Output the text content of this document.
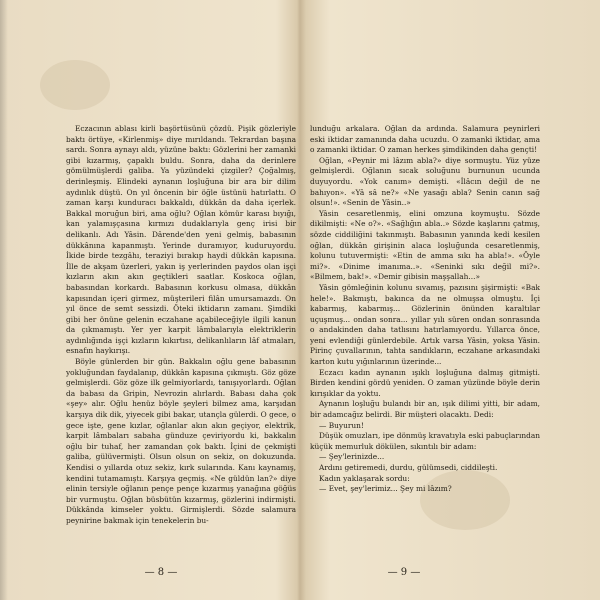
Eczacının ablası kirli başörtüsünü çözdü. Pişik gözleriyle baktı örtüye, «Kirlenmiş» diye mırıldandı. Tekrardan başına sardı. Sonra aynayı aldı, yüzüne baktı: Gözlerini her zamanki gibi kızarmış, çapaklı buldu. Sonra, daha da derinlere gömülmüşlerdi galiba. Ya yüzündeki çizgiler? Çoğalmış, derinleşmiş. Elindeki aynanın loşluğuna bir ara bir dilim aydınlık düştü. On yıl öncenin bir öğle üstünü hatırlattı. O zaman karşı kunduracı bakkaldı, dükkân da daha içerlek. Bakkal moruğun biri, ama oğlu? Oğlan kömür karası bıyığı, kan yalamışçasına kırmızı dudaklarıyla genç irisi bir delikanlı. Adı Yâsin. Dârende'den yeni gelmiş, babasının dükkânına kapanmıştı. Yerinde duramıyor, kuduruyordu. İkide birde tezgâhı, teraziyi bırakıp haydi dükkân kapısına. İlle de akşam üzerleri, yakın iş yerlerinden paydos olan işçi kızların akın akın geçtikleri saatlar. Koskoca oğlan, babasından korkardı. Babasının korkusu olmasa, dükkân kapısından içeri girmez, müşterileri filân umursamazdı. On yıl önce de semt sessizdi. Öteki iktidarın zamanı. Şimdiki gibi her önüne gelenin eczahane açabileceğiyle ilgili kanun da çıkmamıştı. Yer yer karpit lâmbalarıyla elektriklerin aydınlığında işçi kızların kıkırtısı, delikanlıların lâf atmaları, esnafın haykırışı.

Böyle günlerden bir gün. Bakkalın oğlu gene babasının yokluğundan faydalanıp, dükkân kapısına çıkmıştı. Göz göze gelmişlerdi. Göz göze ilk gelmiyorlardı, tanışıyorlardı. Oğlan da babası da Gripin, Nevrozin alırlardı. Babası daha çok «şey» alır. Oğlu henüz böyle şeyleri bilmez ama, karşıdan karşıya dik dik, yiyecek gibi bakar, utançla gülerdi. O gece, o gece işte, gene kızlar, oğlanlar akın akın geçiyor, elektrik, karpit lâmbaları sabaha günduze çeviriyordu ki, bakkalın oğlu bir tuhaf, her zamandan çok baktı. İçini de çekmişti galiba, gülüvermişti. Olsun olsun on sekiz, on dokuzunda. Kendisi o yıllarda otuz sekiz, kırk sularında. Kanı kaynamış, kendini tutamamıştı. Karşıya geçmiş. «Ne güldün lan?» diye elinin tersiyle oğlanın pençe pençe kızarmış yanağına göğüs bir vurmuştu. Oğlan büsbütün kızarmış, gözlerini indirmişti. Dükkânda kimseler yoktu. Girmişlerdi. Sözde salamura peynirine bakmak için tenekelerin bu-

— 8 —

lunduğu arkalara. Oğlan da ardında. Salamura peynirleri eski iktidar zamanında daha ucuzdu. O zamanki iktidar, ama o zamanki iktidar. O zaman herkes şimdikinden daha gençti!

Oğlan, «Peynir mi lâzım abla?» diye sormuştu. Yüz yüze gelmişlerdi. Oğlanın sıcak soluğunu burnunun ucunda duyuyordu. «Yok canım» demişti. «İlâcın değil de ne bahıyon». «Yâ sâ ne?» «Ne yasağı abla? Senin canın sağ olsun!». «Senin de Yâsin..»

Yâsin cesaretlenmiş, elini omzuna koymuştu. Sözde dikilmişti: «Ne o?». «Sağlığın abla..» Sözde kaşlarını çatmış, sözde ciddiliğini takınmıştı. Babasının yanında kedi kesilen oğlan, dükkân girişinin alaca loşluğunda cesaretlenmiş, kolunu tutuvermişti: «Etin de amma sıkı ha abla!». «Öyle mi?». «Dinime imanıma..». «Seninki sıkı değil mi?». «Bilmem, bak!». «Demir gibisin maşşallah...»

Yâsin gömleğinin kolunu sıvamış, pazısını şişirmişti: «Bak hele!». Bakmıştı, bakınca da ne olmuşsa olmuştu. İçi kabarmış, kabarmış... Gözlerinin önünden karaltılar uçuşmuş... ondan sonra... yıllar yılı süren ondan sonrasında o andakinden daha tatlısını hatırlamıyordu. Yıllarca önce, yeni evlendiği günlerdebile. Artık varsa Yâsin, yoksa Yâsin. Pirinç çuvallarının, tahta sandıkların, eczahane arkasındaki karton kutu yığınlarının üzerinde...

Eczacı kadın aynanın ışıklı loşluğuna dalmış gitmişti. Birden kendini gördü yeniden. O zaman yüzünde böyle derin kırışıklar da yoktu.

Aynanın loşluğu bulandı bir an, ışık dilimi yitti, bir adam, bir adamcağız belirdi. Bir müşteri olacaktı. Dedi:

— Buyurun!

Düşük omuzları, ipe dönmüş kravatıyla eski pabuçlarından küçük memurluk dökülen, sıkıntılı bir adam:

— Şey'lerinizde...

Ardını getiremedi, durdu, gülümsedi, ciddileşti.

Kadın yaklaşarak sordu:

— Evet, şey'lerimiz... Şey mi lâzım?

— 9 —
